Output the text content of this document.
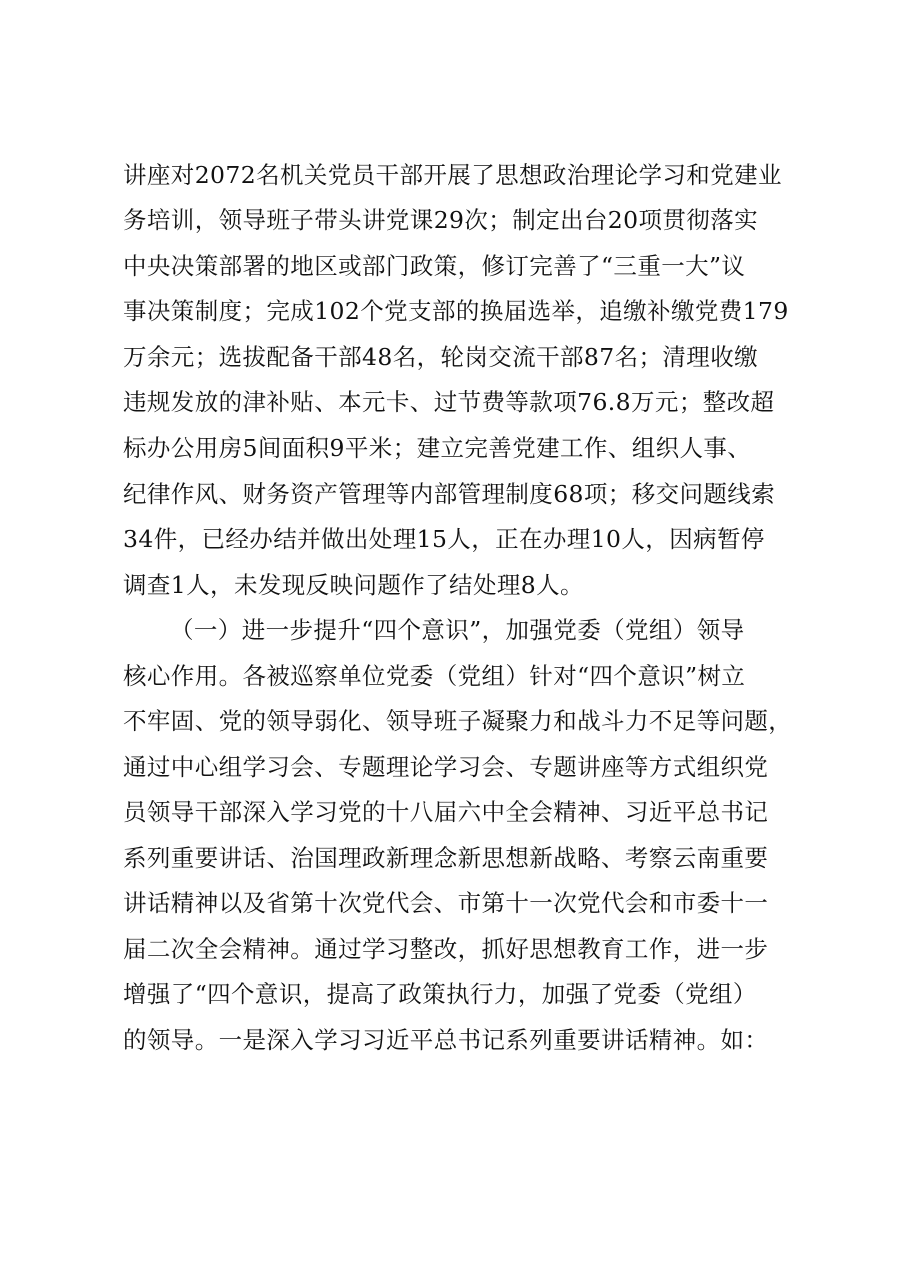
讲座对2072名机关党员干部开展了思想政治理论学习和党建业
务培训，领导班子带头讲党课29次；制定出台20项贯彻落实
中央决策部署的地区或部门政策，修订完善了“三重一大”议
事决策制度；完成102个党支部的换届选举，追缴补缴党费179
万余元；选拔配备干部48名，轮岗交流干部87名；清理收缴
违规发放的津补贴、本元卡、过节费等款项76.8万元；整改超
标办公用房5间面积9平米；建立完善党建工作、组织人事、
纪律作风、财务资产管理等内部管理制度68项；移交问题线索
34件，已经办结并做出处理15人，正在办理10人，因病暂停
调查1人，未发现反映问题作了结处理8人。
（一）进一步提升“四个意识”，加强党委（党组）领导
核心作用。各被巡察单位党委（党组）针对“四个意识”树立
不牢固、党的领导弱化、领导班子凝聚力和战斗力不足等问题，
通过中心组学习会、专题理论学习会、专题讲座等方式组织党
员领导干部深入学习党的十八届六中全会精神、习近平总书记
系列重要讲话、治国理政新理念新思想新战略、考察云南重要
讲话精神以及省第十次党代会、市第十一次党代会和市委十一
届二次全会精神。通过学习整改，抓好思想教育工作，进一步
增强了“四个意识，提高了政策执行力，加强了党委（党组）
的领导。一是深入学习习近平总书记系列重要讲话精神。如：
